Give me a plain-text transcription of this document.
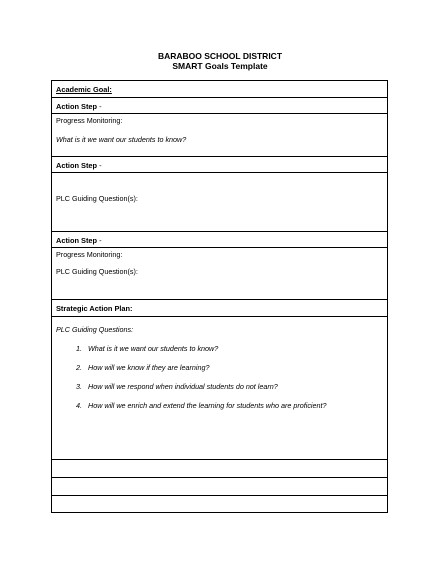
BARABOO SCHOOL DISTRICT
SMART Goals Template
Academic Goal:
Action Step -
Progress Monitoring:
What is it we want our students to know?
Action Step -
PLC Guiding Question(s):
Action Step -
Progress Monitoring:
PLC Guiding Question(s):
Strategic Action Plan:
PLC Guiding Questions:
1. What is it we want our students to know?
2. How will we know if they are learning?
3. How will we respond when individual students do not learn?
4. How will we enrich and extend the learning for students who are proficient?
